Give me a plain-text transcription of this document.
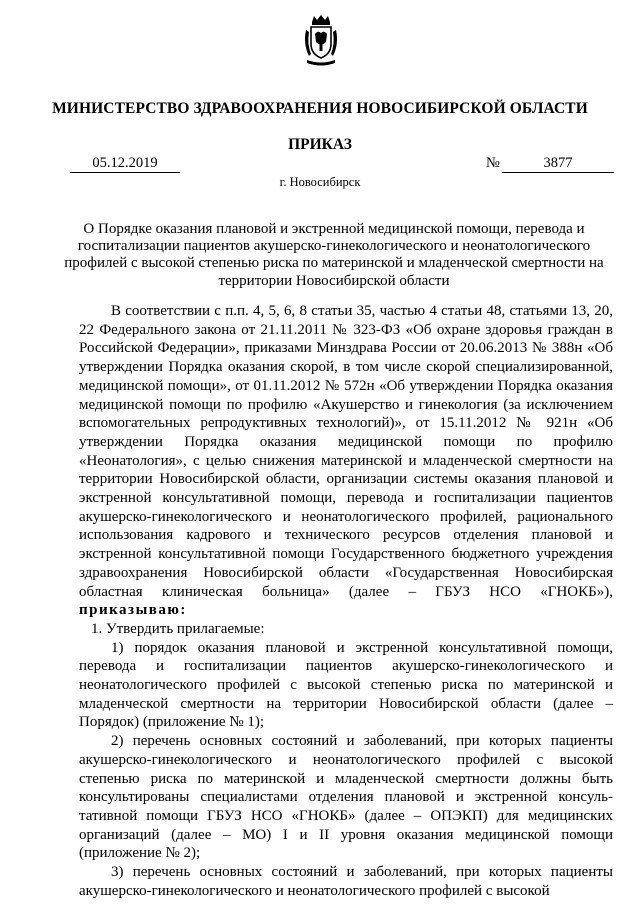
МИНИСТЕРСТВО ЗДРАВООХРАНЕНИЯ НОВОСИБИРСКОЙ ОБЛАСТИ
ПРИКАЗ
05.12.2019	№	3877
г. Новосибирск
О Порядке оказания плановой и экстренной медицинской помощи, перевода и госпитализации пациентов акушерско-гинекологического и неонатологического профилей с высокой степенью риска по материнской и младенческой смертности на территории Новосибирской области

В соответствии с п.п. 4, 5, 6, 8 статьи 35, частью 4 статьи 48, статьями 13, 20, 22 Федерального закона от 21.11.2011 № 323-ФЗ «Об охране здоровья граждан в Российской Федерации», приказами Минздрава России от 20.06.2013 № 388н «Об утверждении Порядка оказания скорой, в том числе скорой специализированной, медицинской помощи», от 01.11.2012 № 572н «Об утверждении Порядка оказания медицинской помощи по профилю «Акушерство и гинекология (за исключением вспомогательных репродуктивных технологий)», от 15.11.2012 № 921н «Об утверждении Порядка оказания медицинской помощи по профилю «Неонатология», с целью снижения материнской и младенческой смертности на территории Новосибирской области, организации системы оказания плановой и экстренной консультативной помощи, перевода и госпитализации пациентов акушерско-гинекологического и неонатологического профилей, рационального использования кадрового и технического ресурсов отделения плановой и экстренной консультативной помощи Государственного бюджетного учреждения здравоохранения Новосибирской области «Государственная Новосибирская областная клиническая больница» (далее – ГБУЗ НСО «ГНОКБ»), приказываю:

1. Утвердить прилагаемые:

1) порядок оказания плановой и экстренной консультативной помощи, перевода и госпитализации пациентов акушерско-гинекологического и неонатологического профилей с высокой степенью риска по материнской и младенческой смертности на территории Новосибирской области (далее – Порядок) (приложение № 1);

2) перечень основных состояний и заболеваний, при которых пациенты акушерско-гинекологического и неонатологического профилей с высокой степенью риска по материнской и младенческой смертности должны быть консультированы специалистами отделения плановой и экстренной консуль-тативной помощи ГБУЗ НСО «ГНОКБ» (далее – ОПЭКП) для медицинских организаций (далее – МО) I и II уровня оказания медицинской помощи (приложение № 2);

3) перечень основных состояний и заболеваний, при которых пациенты акушерско-гинекологического и неонатологического профилей с высокой
